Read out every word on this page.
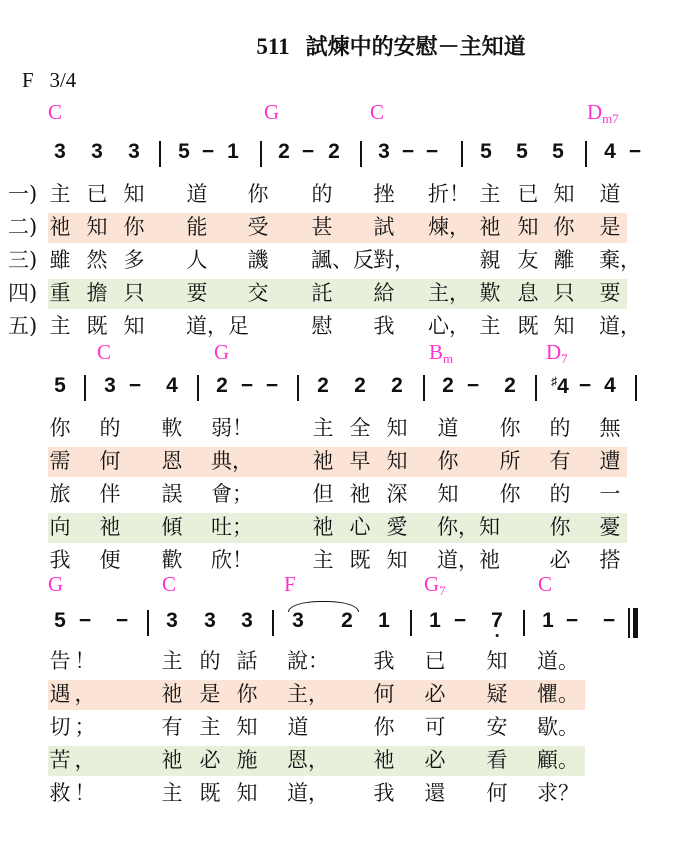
511 試煉中的安慰－主知道
F 3/4
C	G	C	$D_{m7}$
3 3 3 5 − 1 2 − 2 3 − − 5 5 5 4 −
一) 主 已 知 道 你 的 挫 折！ 主 已 知 道
二) 祂 知 你 能 受 甚 試 煉， 祂 知 你 是
三) 雖 然 多 人 譏 諷、反 對，	親 友 離 棄，
四) 重 擔 只 要 交 託 給 主， 歎 息 只 要
五) 主 既 知 道，足	慰 我 心， 主 既 知 道，
C	G	$B_m$	$D_7$
5 3 − 4 2 − − 2 2 2 2 − 2	♯4 − 4
你 的 軟 弱！	主 全 知 道 你 的 無
需 何 恩 典，	祂 早 知 你 所 有 遭
旅 伴 誤 會；	但 祂 深 知 你 的 一
向 祂 傾 吐；	祂 心 愛 你，知 你 憂
我 便 歡 欣！	主 既 知 道，祂 必 搭
G	C	F	$G_7$	C
5 − − 3 3 3 3 2 1 1 − 7 1 − −
告 ！	主 的 話 說： 我 已 知 道。
遇 ，	祂 是 你 主， 何 必 疑 懼。
切 ；	有 主 知 道	你 可 安 歇。
苦 ，	祂 必 施 恩， 祂 必 看 顧。
救 ！	主 既 知 道， 我 還 何 求？
